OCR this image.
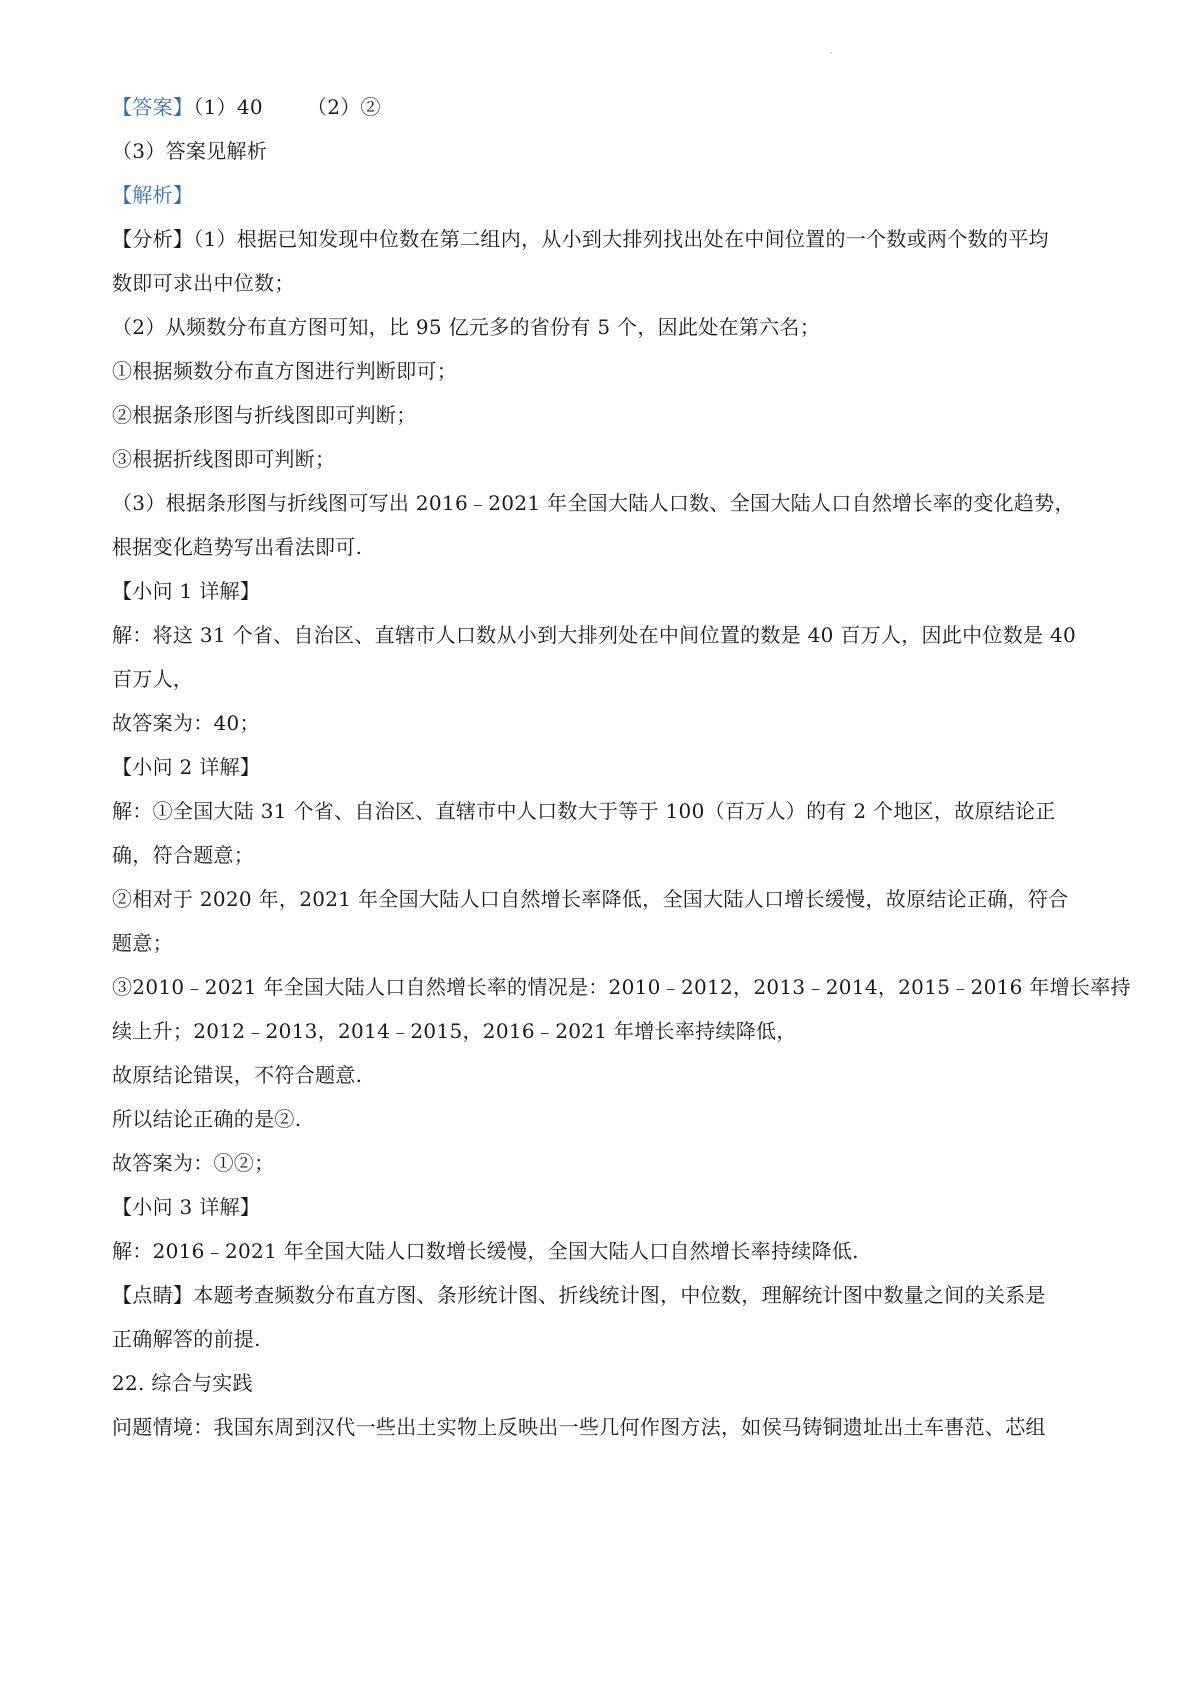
【答案】（1）40 （2）②
（3）答案见解析
【解析】
【分析】（1）根据已知发现中位数在第二组内，从小到大排列找出处在中间位置的一个数或两个数的平均
数即可求出中位数；
（2）从频数分布直方图可知，比 95 亿元多的省份有 5 个，因此处在第六名；
①根据频数分布直方图进行判断即可；
②根据条形图与折线图即可判断；
③根据折线图即可判断；
（3）根据条形图与折线图可写出 2016﹣2021 年全国大陆人口数、全国大陆人口自然增长率的变化趋势，
根据变化趋势写出看法即可.
【小问 1 详解】
解：将这 31 个省、自治区、直辖市人口数从小到大排列处在中间位置的数是 40 百万人，因此中位数是 40
百万人，
故答案为：40；
【小问 2 详解】
解：①全国大陆 31 个省、自治区、直辖市中人口数大于等于 100（百万人）的有 2 个地区，故原结论正
确，符合题意；
②相对于 2020 年，2021 年全国大陆人口自然增长率降低，全国大陆人口增长缓慢，故原结论正确，符合
题意；
③2010﹣2021 年全国大陆人口自然增长率的情况是：2010﹣2012，2013﹣2014，2015﹣2016 年增长率持
续上升；2012﹣2013，2014﹣2015，2016﹣2021 年增长率持续降低，
故原结论错误，不符合题意.
所以结论正确的是②.
故答案为：①②；
【小问 3 详解】
解：2016﹣2021 年全国大陆人口数增长缓慢，全国大陆人口自然增长率持续降低.
【点睛】本题考查频数分布直方图、条形统计图、折线统计图，中位数，理解统计图中数量之间的关系是
正确解答的前提.
22. 综合与实践
问题情境：我国东周到汉代一些出土实物上反映出一些几何作图方法，如侯马铸铜遗址出土车軎范、芯组
